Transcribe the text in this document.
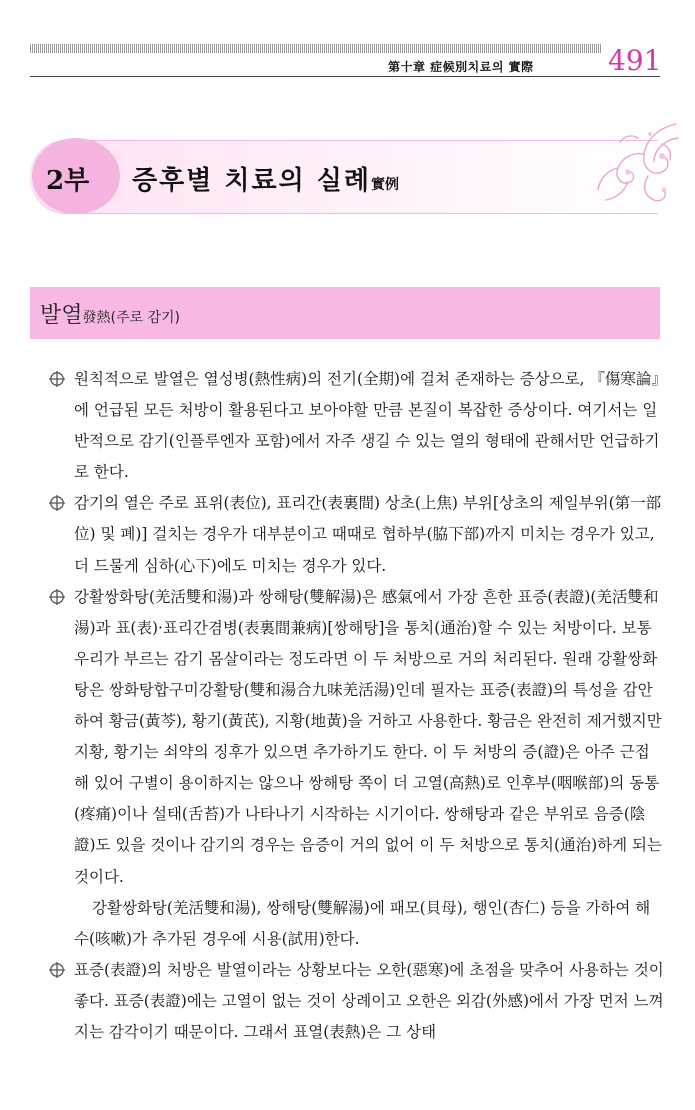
第十章 症候別치료의 實際	491
2부 증후별 치료의 실례實例
발열發熱(주로 감기)

원칙적으로 발열은 열성병(熱性病)의 전기(全期)에 걸쳐 존재하는 증상으로, 『傷寒論』에 언급된 모든 처방이 활용된다고 보아야할 만큼 본질이 복잡한 증상이다. 여기서는 일반적으로 감기(인플루엔자 포함)에서 자주 생길 수 있는 열의 형태에 관해서만 언급하기로 한다.

감기의 열은 주로 표위(表位), 표리간(表裏間) 상초(上焦) 부위[상초의 제일부위(第一部位) 및 폐)] 걸치는 경우가 대부분이고 때때로 협하부(脇下部)까지 미치는 경우가 있고, 더 드물게 심하(心下)에도 미치는 경우가 있다.

강활쌍화탕(羌活雙和湯)과 쌍해탕(雙解湯)은 感氣에서 가장 흔한 표증(表證)(羌活雙和湯)과 표(表)·표리간겸병(表裏間兼病)[쌍해탕]을 통치(通治)할 수 있는 처방이다. 보통 우리가 부르는 감기 몸살이라는 정도라면 이 두 처방으로 거의 처리된다. 원래 강활쌍화탕은 쌍화탕합구미강활탕(雙和湯合九味羌活湯)인데 필자는 표증(表證)의 특성을 감안하여 황금(黃芩), 황기(黃芪), 지황(地黃)을 거하고 사용한다. 황금은 완전히 제거했지만 지황, 황기는 쇠약의 징후가 있으면 추가하기도 한다. 이 두 처방의 증(證)은 아주 근접해 있어 구별이 용이하지는 않으나 쌍해탕 쪽이 더 고열(高熱)로 인후부(咽喉部)의 동통(疼痛)이나 설태(舌苔)가 나타나기 시작하는 시기이다. 쌍해탕과 같은 부위로 음증(陰證)도 있을 것이나 감기의 경우는 음증이 거의 없어 이 두 처방으로 통치(通治)하게 되는 것이다.

강활쌍화탕(羌活雙和湯), 쌍해탕(雙解湯)에 패모(貝母), 행인(杏仁) 등을 가하여 해수(咳嗽)가 추가된 경우에 시용(試用)한다.

표증(表證)의 처방은 발열이라는 상황보다는 오한(惡寒)에 초점을 맞추어 사용하는 것이 좋다. 표증(表證)에는 고열이 없는 것이 상례이고 오한은 외감(外感)에서 가장 먼저 느껴지는 감각이기 때문이다. 그래서 표열(表熱)은 그 상태
